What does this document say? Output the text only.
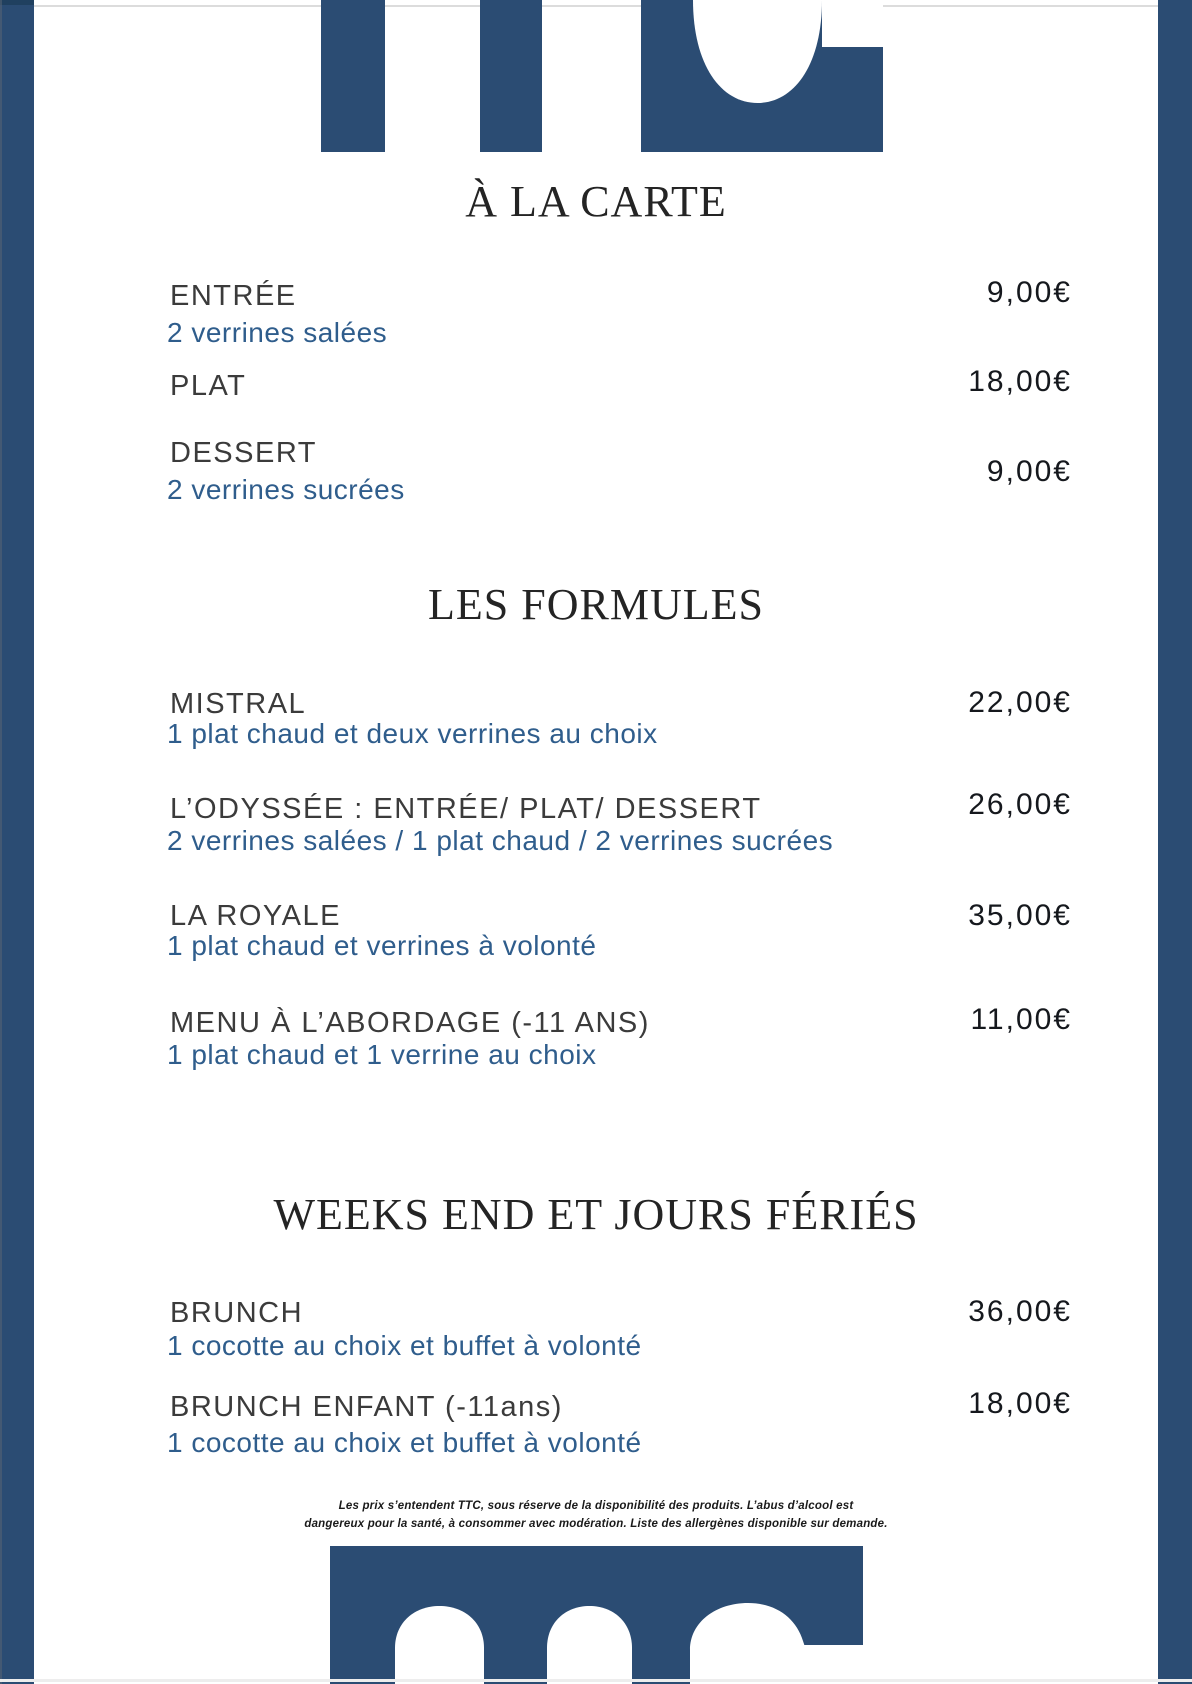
À LA CARTE
ENTRÉE
2 verrines salées
9,00€
PLAT	18,00€
DESSERT
9,00€
2 verrines sucrées
LES FORMULES
MISTRAL
1 plat chaud et deux verrines au choix
22,00€
L’ODYSSÉE : ENTRÉE/ PLAT/ DESSERT
2 verrines salées / 1 plat chaud / 2 verrines sucrées
26,00€
LA ROYALE
1 plat chaud et verrines à volonté
35,00€
MENU À L’ABORDAGE (-11 ANS)
1 plat chaud et 1 verrine au choix
11,00€
WEEKS END ET JOURS FÉRIÉS
BRUNCH
1 cocotte au choix et buffet à volonté
36,00€
BRUNCH ENFANT (-11ans)
1 cocotte au choix et buffet à volonté
18,00€
Les prix s’entendent TTC, sous réserve de la disponibilité des produits. L’abus d’alcool est
dangereux pour la santé, à consommer avec modération. Liste des allergènes disponible sur demande.
